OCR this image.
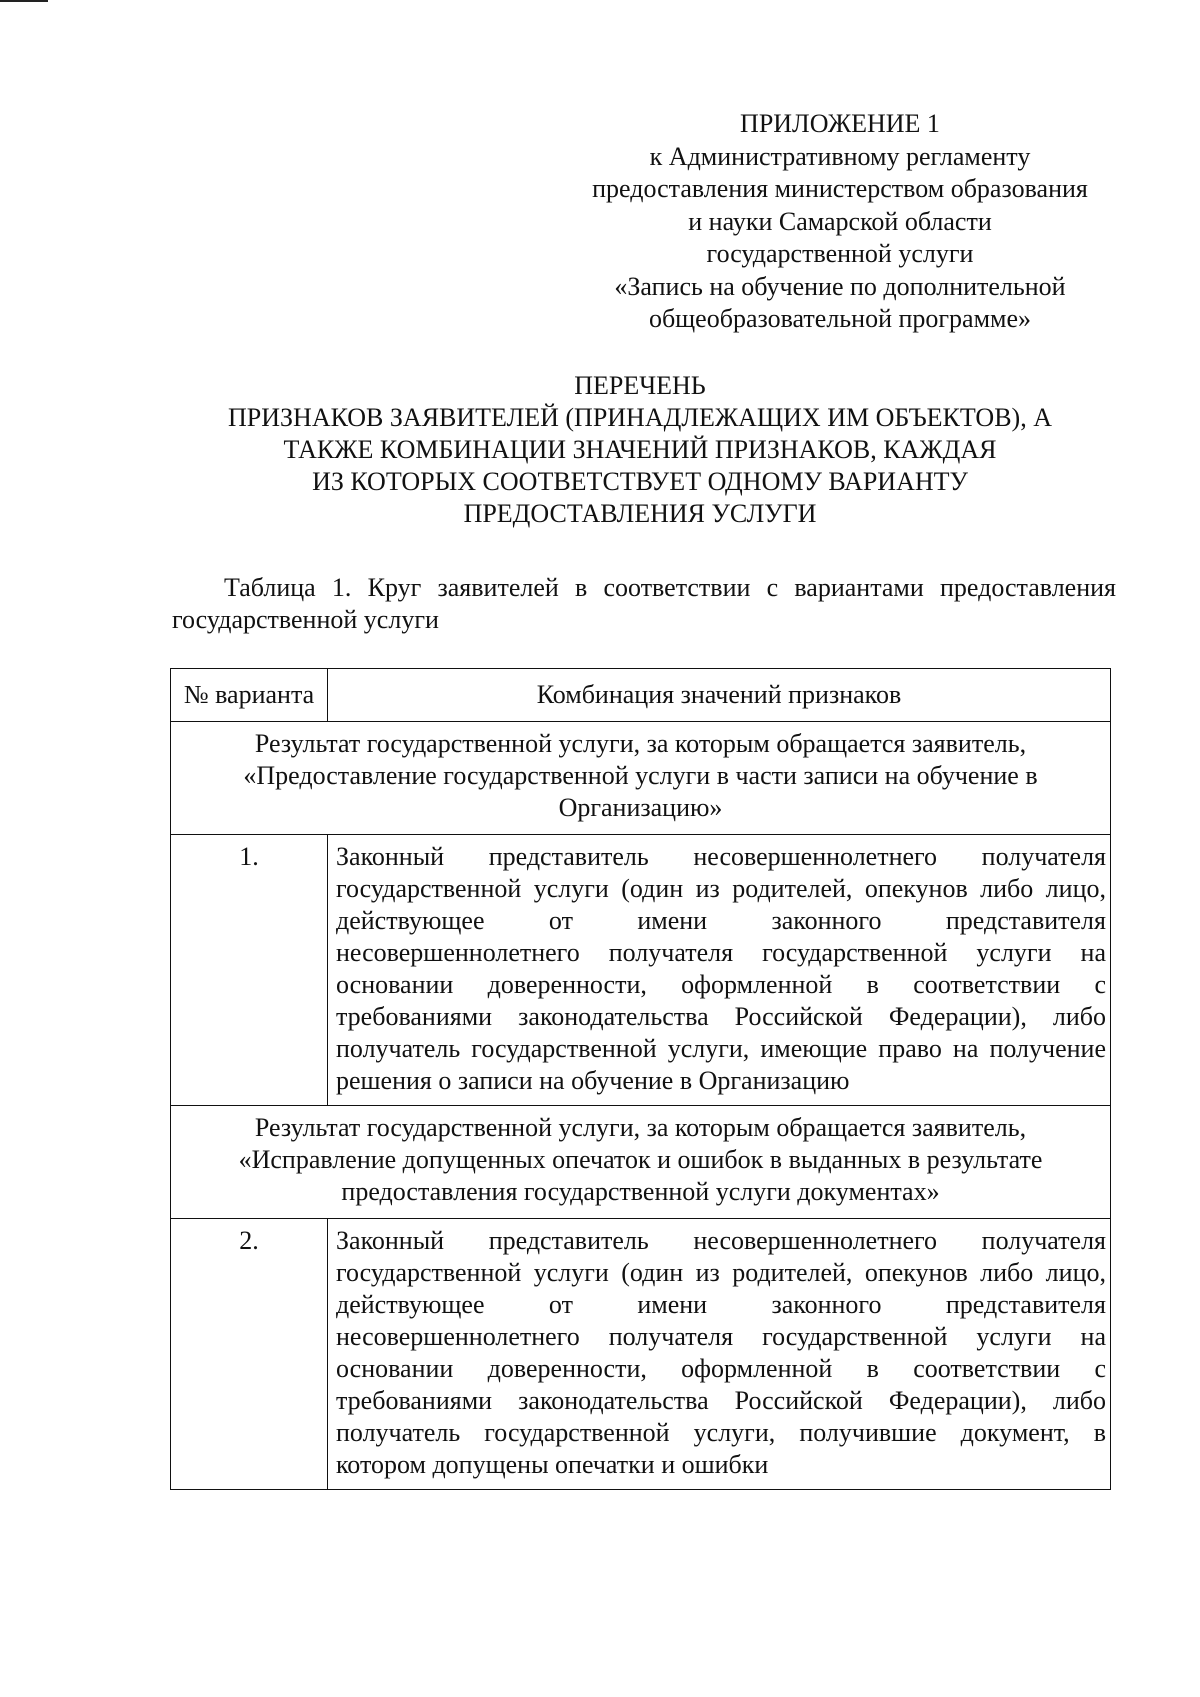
ПРИЛОЖЕНИЕ 1
к Административному регламенту
предоставления министерством образования
и науки Самарской области
государственной услуги
«Запись на обучение по дополнительной
общеобразовательной программе»
ПЕРЕЧЕНЬ
ПРИЗНАКОВ ЗАЯВИТЕЛЕЙ (ПРИНАДЛЕЖАЩИХ ИМ ОБЪЕКТОВ), А
ТАКЖЕ КОМБИНАЦИИ ЗНАЧЕНИЙ ПРИЗНАКОВ, КАЖДАЯ
ИЗ КОТОРЫХ СООТВЕТСТВУЕТ ОДНОМУ ВАРИАНТУ
ПРЕДОСТАВЛЕНИЯ УСЛУГИ
Таблица 1. Круг заявителей в соответствии с вариантами предоставления государственной услуги
№ варианта	Комбинация значений признаков

Результат государственной услуги, за которым обращается заявитель,
«Предоставление государственной услуги в части записи на обучение в
Организацию»	

1.	Законный представитель несовершеннолетнего получателя государственной услуги (один из родителей, опекунов либо лицо, действующее от имени законного представителя несовершеннолетнего получателя государственной услуги на основании доверенности, оформленной в соответствии с требованиями законодательства Российской Федерации), либо получатель государственной услуги, имеющие право на получение решения о записи на обучение в Организацию

Результат государственной услуги, за которым обращается заявитель,
«Исправление допущенных опечаток и ошибок в выданных в результате
предоставления государственной услуги документах»	

2.	Законный представитель несовершеннолетнего получателя государственной услуги (один из родителей, опекунов либо лицо, действующее от имени законного представителя несовершеннолетнего получателя государственной услуги на основании доверенности, оформленной в соответствии с требованиями законодательства Российской Федерации), либо получатель государственной услуги, получившие документ, в котором допущены опечатки и ошибки
